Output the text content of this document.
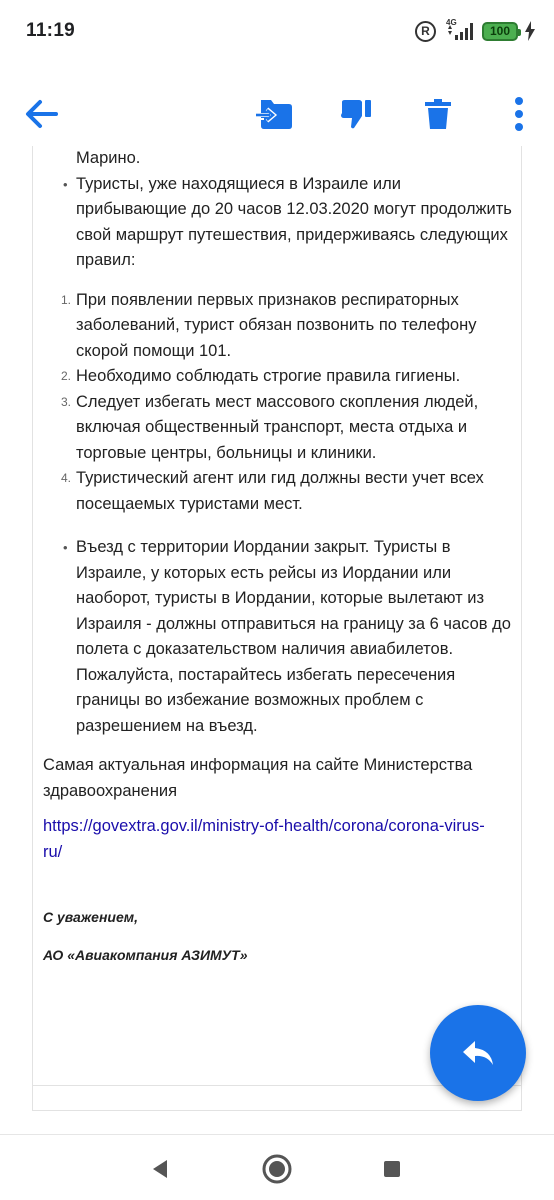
11:19	R
4G
100
Марино.
• Туристы, уже находящиеся в Израиле или прибывающие до 20 часов 12.03.2020 могут продолжить свой маршрут путешествия, придерживаясь следующих правил:
1. При появлении первых признаков респираторных заболеваний, турист обязан позвонить по телефону скорой помощи 101.
2. Необходимо соблюдать строгие правила гигиены.
3. Следует избегать мест массового скопления людей, включая общественный транспорт, места отдыха и торговые центры, больницы и клиники.
4. Туристический агент или гид должны вести учет всех посещаемых туристами мест.
• Въезд с территории Иордании закрыт. Туристы в Израиле, у которых есть рейсы из Иордании или наоборот, туристы в Иордании, которые вылетают из Израиля - должны отправиться на границу за 6 часов до полета с доказательством наличия авиабилетов. Пожалуйста, постарайтесь избегать пересечения границы во избежание возможных проблем с разрешением на въезд.
Самая актуальная информация на сайте Министерства здравоохранения
https://govextra.gov.il/ministry-of-health/corona/corona-virus-ru/
С уважением,
АО «Авиакомпания АЗИМУТ»
